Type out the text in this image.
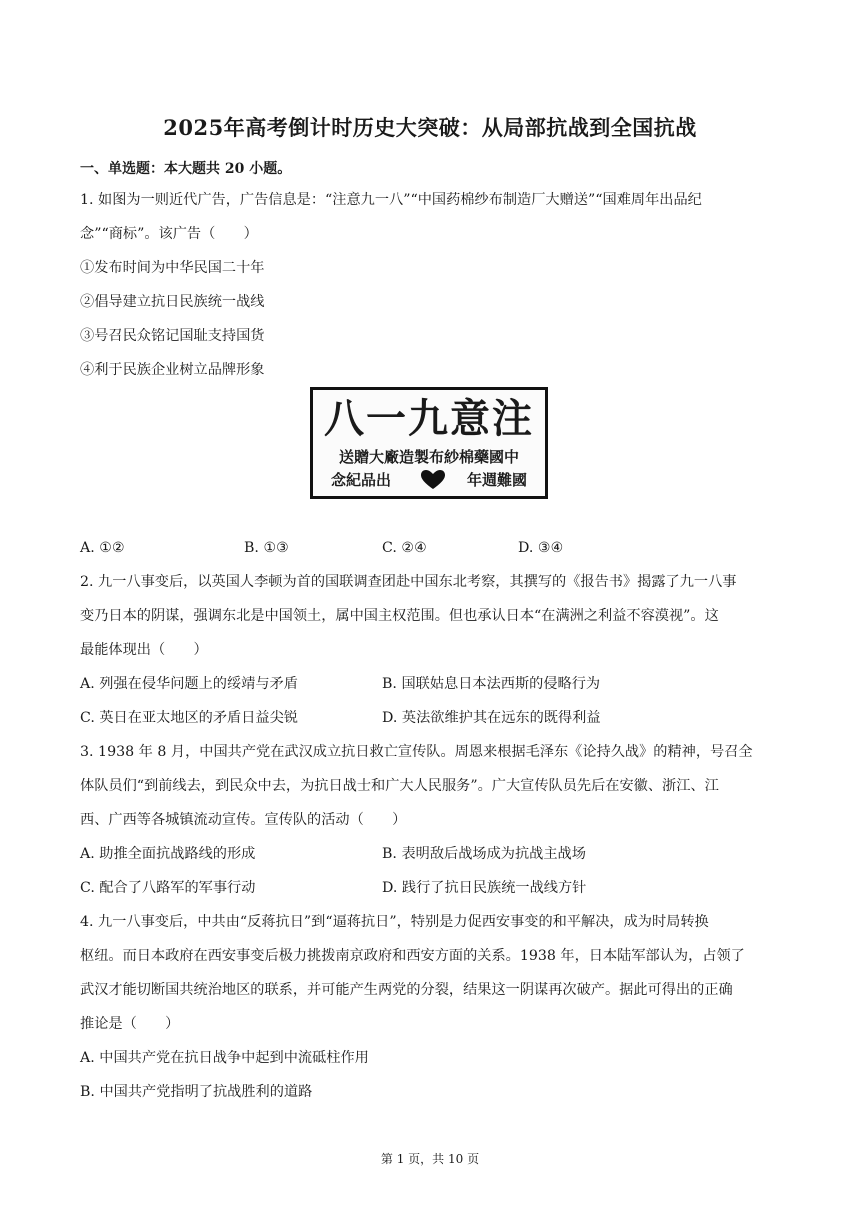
2025年高考倒计时历史大突破：从局部抗战到全国抗战
一、单选题：本大题共 20 小题。
1. 如图为一则近代广告，广告信息是：“注意九一八”“中国药棉纱布制造厂大赠送”“国难周年出品纪
念”“商标”。该广告（　　）
①发布时间为中华民国二十年
②倡导建立抗日民族统一战线
③号召民众铭记国耻支持国货
④利于民族企业树立品牌形象
八一九意注
送贈大廠造製布紗棉藥國中
念紀品出	年週難國
A. ①②	B. ①③	C. ②④	D. ③④
2. 九一八事变后，以英国人李顿为首的国联调查团赴中国东北考察，其撰写的《报告书》揭露了九一八事
变乃日本的阴谋，强调东北是中国领土，属中国主权范围。但也承认日本“在满洲之利益不容漠视”。这
最能体现出（　　）
A. 列强在侵华问题上的绥靖与矛盾	B. 国联姑息日本法西斯的侵略行为
C. 英日在亚太地区的矛盾日益尖锐	D. 英法欲维护其在远东的既得利益
3. 1938 年 8 月，中国共产党在武汉成立抗日救亡宣传队。周恩来根据毛泽东《论持久战》的精神，号召全
体队员们“到前线去，到民众中去，为抗日战士和广大人民服务”。广大宣传队员先后在安徽、浙江、江
西、广西等各城镇流动宣传。宣传队的活动（　　）
A. 助推全面抗战路线的形成	B. 表明敌后战场成为抗战主战场
C. 配合了八路军的军事行动	D. 践行了抗日民族统一战线方针
4. 九一八事变后，中共由“反蒋抗日”到“逼蒋抗日”，特别是力促西安事变的和平解决，成为时局转换
枢纽。而日本政府在西安事变后极力挑拨南京政府和西安方面的关系。1938 年，日本陆军部认为，占领了
武汉才能切断国共统治地区的联系，并可能产生两党的分裂，结果这一阴谋再次破产。据此可得出的正确
推论是（　　）
A. 中国共产党在抗日战争中起到中流砥柱作用
B. 中国共产党指明了抗战胜利的道路
第 1 页，共 10 页
